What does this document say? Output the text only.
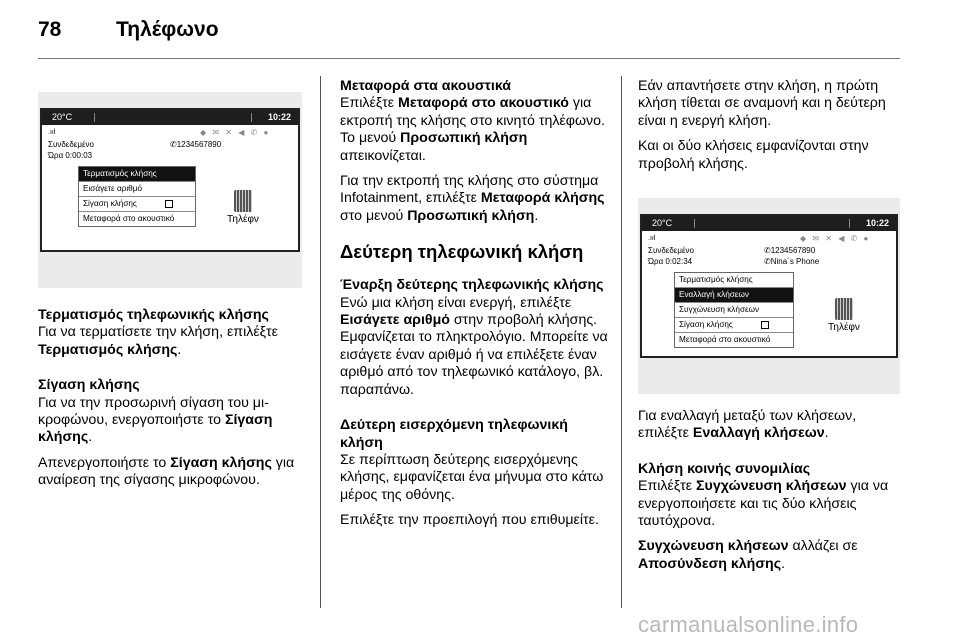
78	Τηλέφωνο
20°C	10:22
.ııl	◆ ✉ ✕ ◀ ✆ ●
Συνδεδεμένο
Ώρα 0:00:03
✆1234567890
Τερματισμός κλήσης
Εισάγετε αριθμό
Σίγαση κλήσης
Μεταφορά στο ακουστικό	Τηλέφν

Τερματισμός τηλεφωνικής κλήσης

Για να τερματίσετε την κλήση, επιλέξτε Τερματισμός κλήσης.

Σίγαση κλήσης

Για να την προσωρινή σίγαση του μικροφώνου, ενεργοποιήστε το Σίγαση κλήσης.

Απενεργοποιήστε το Σίγαση κλήσης για αναίρεση της σίγασης μικροφώνου.

Μεταφορά στα ακουστικά

Επιλέξτε Μεταφορά στο ακουστικό για εκτροπή της κλήσης στο κινητό τηλέφωνο. Το μενού Προσωπική κλήση απεικονίζεται.

Για την εκτροπή της κλήσης στο σύστημα Infotainment, επιλέξτε Μεταφορά κλήσης στο μενού Προσωπική κλήση.

Δεύτερη τηλεφωνική κλήση

Έναρξη δεύτερης τηλεφωνικής κλήσης

Ενώ μια κλήση είναι ενεργή, επιλέξτε Εισάγετε αριθμό στην προβολή κλήσης. Εμφανίζεται το πληκτρολόγιο. Μπορείτε να εισάγετε έναν αριθμό ή να επιλέξετε έναν αριθμό από τον τηλεφωνικό κατάλογο, βλ. παραπάνω.

Δεύτερη εισερχόμενη τηλεφωνική κλήση

Σε περίπτωση δεύτερης εισερχόμενης κλήσης, εμφανίζεται ένα μήνυμα στο κάτω μέρος της οθόνης.

Επιλέξτε την προεπιλογή που επιθυμείτε.

Εάν απαντήσετε στην κλήση, η πρώτη κλήση τίθεται σε αναμονή και η δεύτερη είναι η ενεργή κλήση.

Και οι δύο κλήσεις εμφανίζονται στην προβολή κλήσης.

20°C	10:22
.ııl	◆ ✉ ✕ ◀ ✆ ●
Συνδεδεμένο
Ώρα 0:02:34
✆1234567890
✆Nina´s Phone
Τερματισμός κλήσης
Εναλλαγή κλήσεων
Συγχώνευση κλήσεων
Σίγαση κλήσης
Μεταφορά στο ακουστικό
Τηλέφν

Για εναλλαγή μεταξύ των κλήσεων, επιλέξτε Εναλλαγή κλήσεων.

Κλήση κοινής συνομιλίας

Επιλέξτε Συγχώνευση κλήσεων για να ενεργοποιήσετε και τις δύο κλήσεις ταυτόχρονα.

Συγχώνευση κλήσεων αλλάζει σε Αποσύνδεση κλήσης.

carmanualsonline.info
